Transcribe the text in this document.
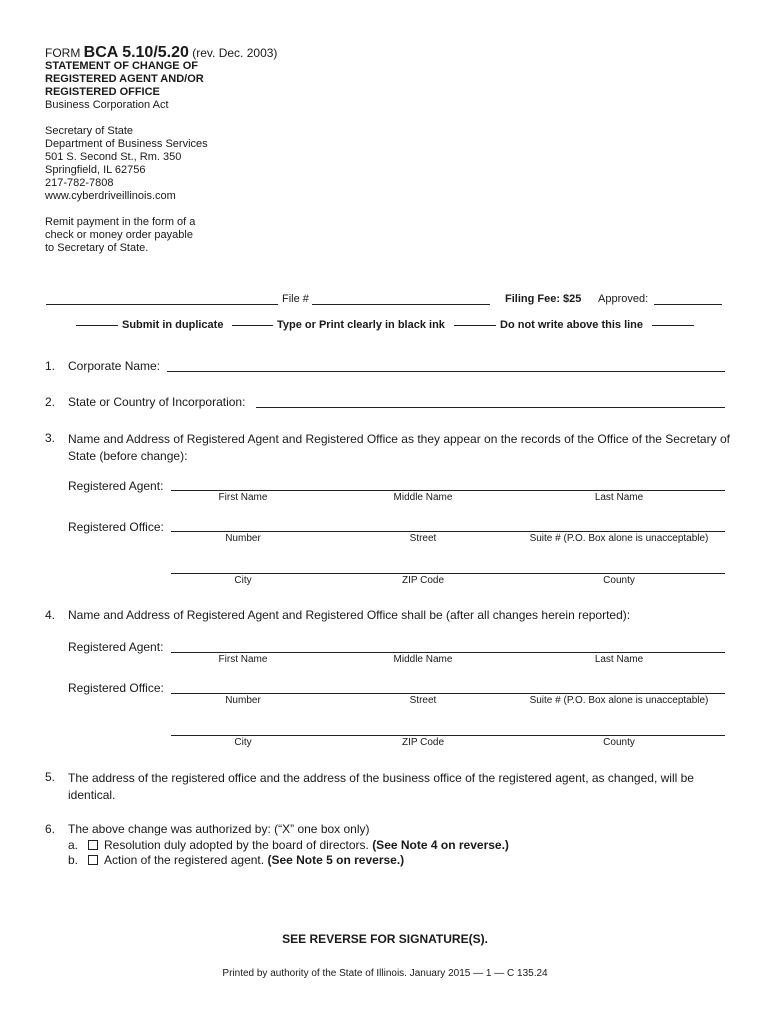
FORM BCA 5.10/5.20 (rev. Dec. 2003)
STATEMENT OF CHANGE OF
REGISTERED AGENT AND/OR
REGISTERED OFFICE
Business Corporation Act
Secretary of State
Department of Business Services
501 S. Second St., Rm. 350
Springfield, IL 62756
217-782-7808
www.cyberdriveillinois.com
Remit payment in the form of a
check or money order payable
to Secretary of State.
File #	Filing Fee: $25 Approved:
Submit in duplicate	Type or Print clearly in black ink	Do not write above this line
1. Corporate Name:
2. State or Country of Incorporation:
3. Name and Address of Registered Agent and Registered Office as they appear on the records of the Office of the Secretary of State (before change):
Registered Agent:
First Name	Middle Name	Last Name
Registered Office:
Number	Street	Suite # (P.O. Box alone is unacceptable)
City	ZIP Code	County
4. Name and Address of Registered Agent and Registered Office shall be (after all changes herein reported):
Registered Agent:
First Name	Middle Name	Last Name
Registered Office:
Number	Street	Suite # (P.O. Box alone is unacceptable)
City	ZIP Code	County
5. The address of the registered office and the address of the business office of the registered agent, as changed, will be identical.
6. The above change was authorized by: (“X” one box only)
a. Resolution duly adopted by the board of directors. (See Note 4 on reverse.)
b. Action of the registered agent. (See Note 5 on reverse.)
SEE REVERSE FOR SIGNATURE(S).
Printed by authority of the State of Illinois. January 2015 — 1 — C 135.24
